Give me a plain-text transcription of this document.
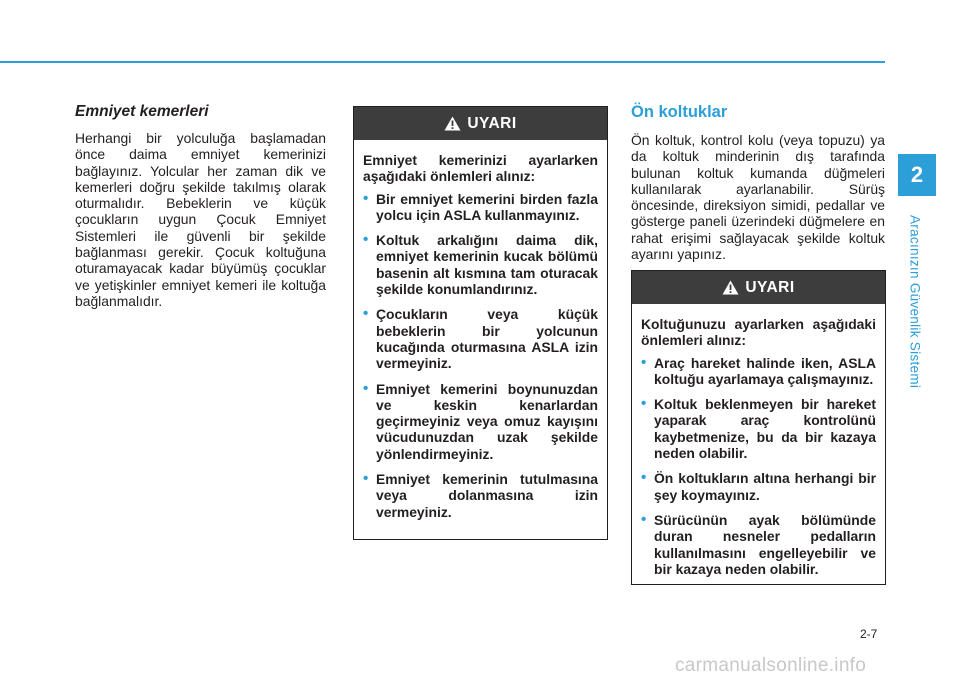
Emniyet kemerleri

Herhangi bir yolculuğa başlamadan önce daima emniyet kemerinizi bağlayınız. Yolcular her zaman dik ve kemerleri doğru şekilde takılmış olarak oturmalıdır. Bebeklerin ve küçük çocukların uygun Çocuk Emniyet Sistemleri ile güvenli bir şekilde bağlanması gerekir. Çocuk koltuğuna oturamayacak kadar büyümüş çocuklar ve yetişkinler emniyet kemeri ile koltuğa bağlanmalıdır.

UYARI

Emniyet kemerinizi ayarlarken aşağıdaki önlemleri alınız:

• Bir emniyet kemerini birden fazla yolcu için ASLA kullanmayınız.
• Koltuk arkalığını daima dik, emniyet kemerinin kucak bölümü basenin alt kısmına tam oturacak şekilde konumlandırınız.
• Çocukların veya küçük bebeklerin bir yolcunun kucağında oturmasına ASLA izin vermeyiniz.
• Emniyet kemerini boynunuzdan ve keskin kenarlardan geçirmeyiniz veya omuz kayışını vücudunuzdan uzak şekilde yönlendirmeyiniz.
• Emniyet kemerinin tutulmasına veya dolanmasına izin vermeyiniz.

Ön koltuklar

Ön koltuk, kontrol kolu (veya topuzu) ya da koltuk minderinin dış tarafında bulunan koltuk kumanda düğmeleri kullanılarak ayarlanabilir. Sürüş öncesinde, direksiyon simidi, pedallar ve gösterge paneli üzerindeki düğmelere en rahat erişimi sağlayacak şekilde koltuk ayarını yapınız.

UYARI

Koltuğunuzu ayarlarken aşağıdaki önlemleri alınız:

• Araç hareket halinde iken, ASLA koltuğu ayarlamaya çalışmayınız.
• Koltuk beklenmeyen bir hareket yaparak araç kontrolünü kaybetmenize, bu da bir kazaya neden olabilir.
• Ön koltukların altına herhangi bir şey koymayınız.
• Sürücünün ayak bölümünde duran nesneler pedalların kullanılmasını engelleyebilir ve bir kazaya neden olabilir.
2
Aracınızın Güvenlik Sistemi
2-7
carmanualsonline.info
